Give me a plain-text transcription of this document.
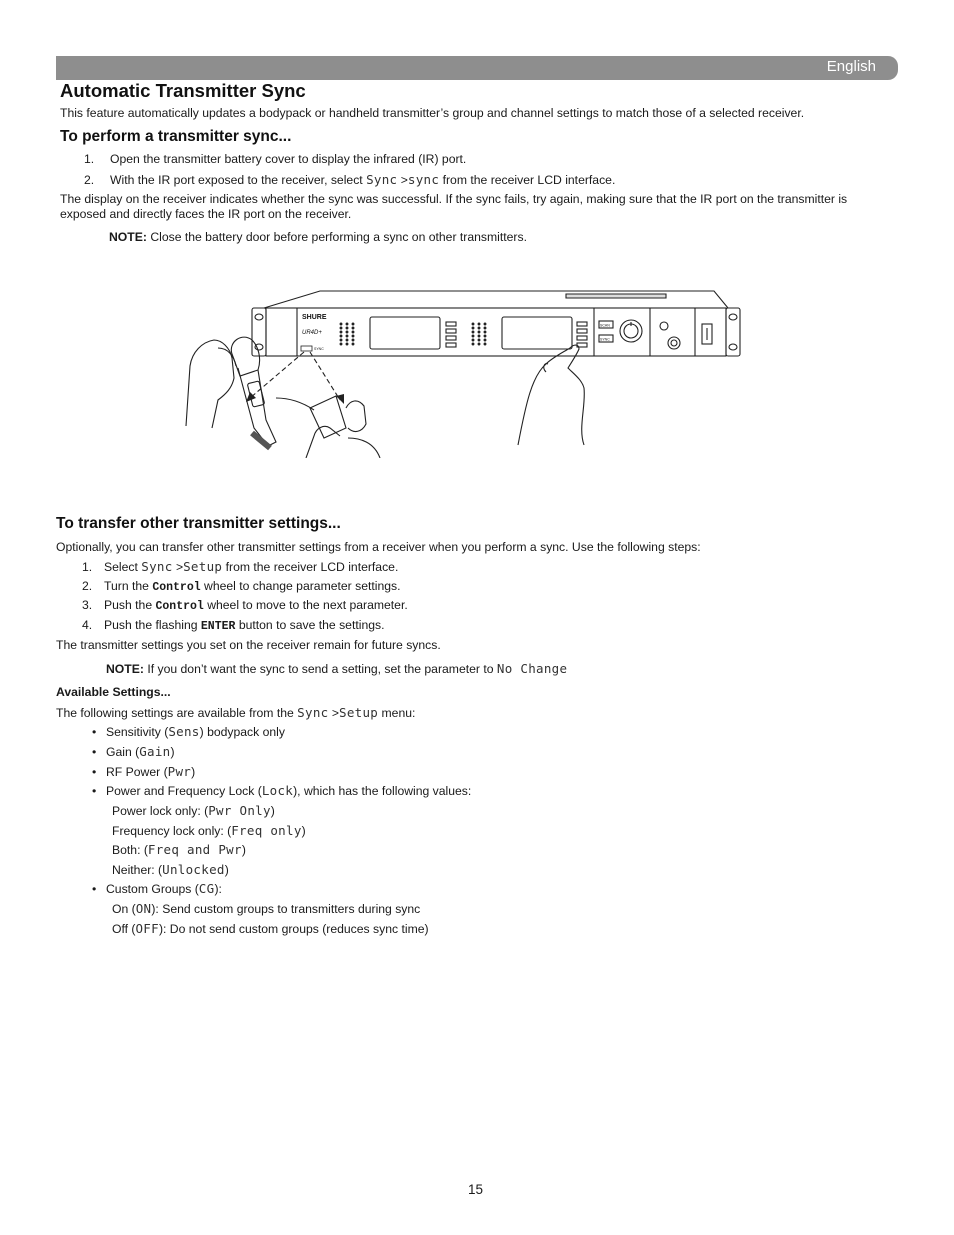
English
Automatic Transmitter Sync
This feature automatically updates a bodypack or handheld transmitter’s group and channel settings to match those of a selected receiver.
To perform a transmitter sync...
1. Open the transmitter battery cover to display the infrared (IR) port.
2. With the IR port exposed to the receiver, select Sync >sync from the receiver LCD interface.
The display on the receiver indicates whether the sync was successful. If the sync fails, try again, making sure that the IR port on the transmitter is
exposed and directly faces the IR port on the receiver.
NOTE: Close the battery door before performing a sync on other transmitters.
SHURE
UR4D+
SYNC
SCAN
SYNC
To transfer other transmitter settings...
Optionally, you can transfer other transmitter settings from a receiver when you perform a sync. Use the following steps:
1. Select Sync >Setup from the receiver LCD interface.
2. Turn the Control wheel to change parameter settings.
3. Push the Control wheel to move to the next parameter.
4. Push the flashing ENTER button to save the settings.
The transmitter settings you set on the receiver remain for future syncs.
NOTE: If you don’t want the sync to send a setting, set the parameter to No Change
Available Settings...
The following settings are available from the Sync >Setup menu:
• Sensitivity (Sens) bodypack only
• Gain (Gain)
• RF Power (Pwr)
• Power and Frequency Lock (Lock), which has the following values:
Power lock only: (Pwr Only)
Frequency lock only: (Freq only)
Both: (Freq and Pwr)
Neither: (Unlocked)
• Custom Groups (CG):
On (ON): Send custom groups to transmitters during sync
Off (OFF): Do not send custom groups (reduces sync time)
15
